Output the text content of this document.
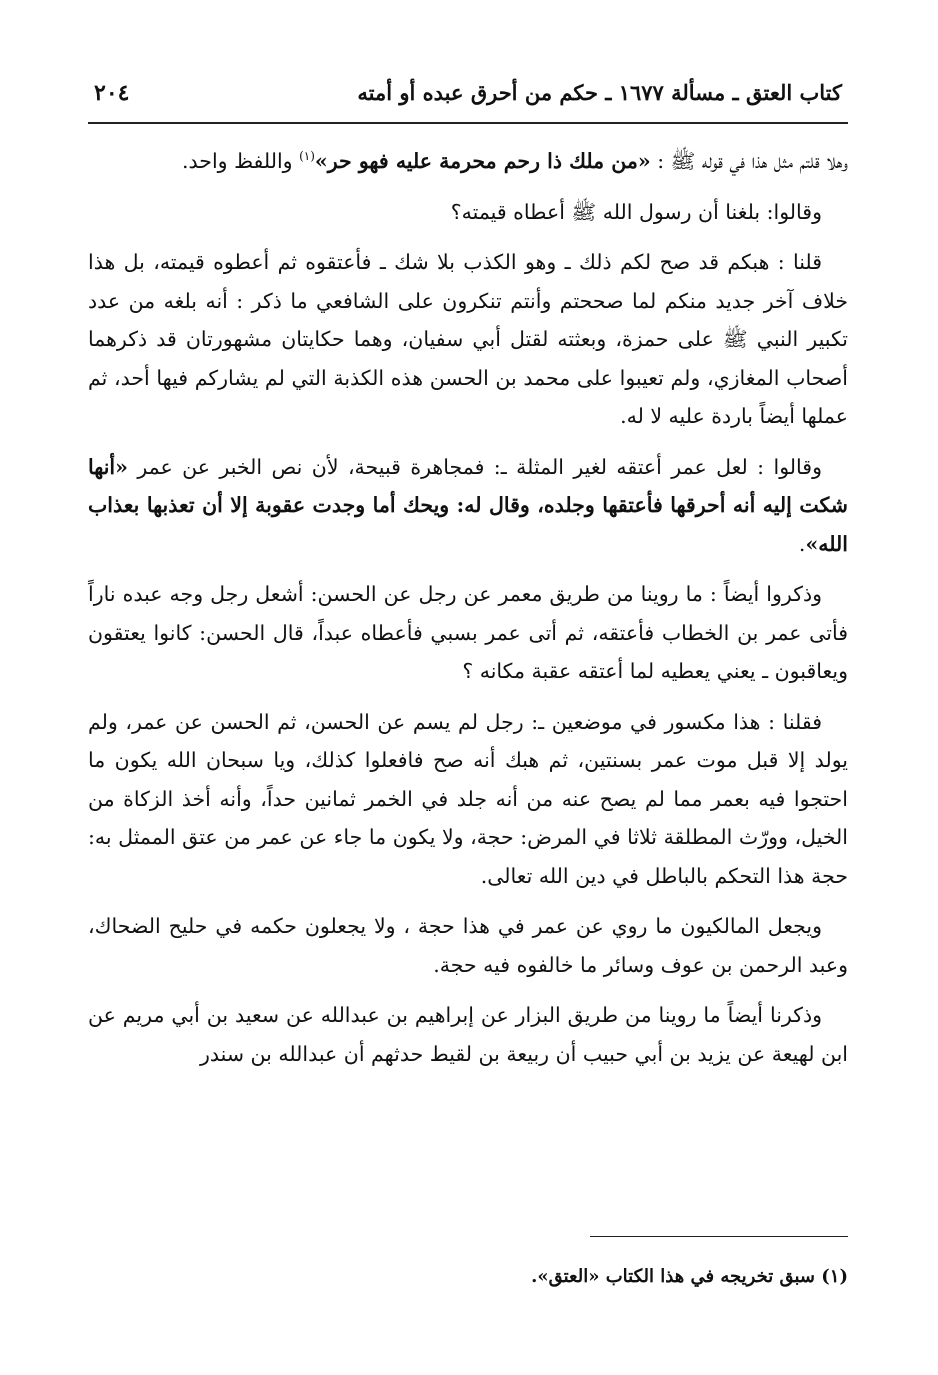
كتاب العتق ـ مسألة ١٦٧٧ ـ حكم من أحرق عبده أو أمته
٢٠٤

وهلا قلتم مثل هذا في قوله ﷺ : «من ملك ذا رحم محرمة عليه فهو حر»$^{(١)}$ واللفظ واحد.

وقالوا: بلغنا أن رسول الله ﷺ أعطاه قيمته؟

قلنا : هبكم قد صح لكم ذلك ـ وهو الكذب بلا شك ـ فأعتقوه ثم أعطوه قيمته، بل هذا خلاف آخر جديد منكم لما صححتم وأنتم تنكرون على الشافعي ما ذكر : أنه بلغه من عدد تكبير النبي ﷺ على حمزة، وبعثته لقتل أبي سفيان، وهما حكايتان مشهورتان قد ذكرهما أصحاب المغازي، ولم تعيبوا على محمد بن الحسن هذه الكذبة التي لم يشاركم فيها أحد، ثم عملها أيضاً باردة عليه لا له.

وقالوا : لعل عمر أعتقه لغير المثلة ـ: فمجاهرة قبيحة، لأن نص الخبر عن عمر «أنها شكت إليه أنه أحرقها فأعتقها وجلده، وقال له: ويحك أما وجدت عقوبة إلا أن تعذبها بعذاب الله».

وذكروا أيضاً : ما روينا من طريق معمر عن رجل عن الحسن: أشعل رجل وجه عبده ناراً فأتى عمر بن الخطاب فأعتقه، ثم أتى عمر بسبي فأعطاه عبداً، قال الحسن: كانوا يعتقون ويعاقبون ـ يعني يعطيه لما أعتقه عقبة مكانه ؟

فقلنا : هذا مكسور في موضعين ـ: رجل لم يسم عن الحسن، ثم الحسن عن عمر، ولم يولد إلا قبل موت عمر بسنتين، ثم هبك أنه صح فافعلوا كذلك، ويا سبحان الله يكون ما احتجوا فيه بعمر مما لم يصح عنه من أنه جلد في الخمر ثمانين حداً، وأنه أخذ الزكاة من الخيل، وورّث المطلقة ثلاثا في المرض: حجة، ولا يكون ما جاء عن عمر من عتق الممثل به: حجة هذا التحكم بالباطل في دين الله تعالى.

ويجعل المالكيون ما روي عن عمر في هذا حجة ، ولا يجعلون حكمه في حليح الضحاك، وعبد الرحمن بن عوف وسائر ما خالفوه فيه حجة.

وذكرنا أيضاً ما روينا من طريق البزار عن إبراهيم بن عبدالله عن سعيد بن أبي مريم عن ابن لهيعة عن يزيد بن أبي حبيب أن ربيعة بن لقيط حدثهم أن عبدالله بن سندر

(١) سبق تخريجه في هذا الكتاب «العتق».
